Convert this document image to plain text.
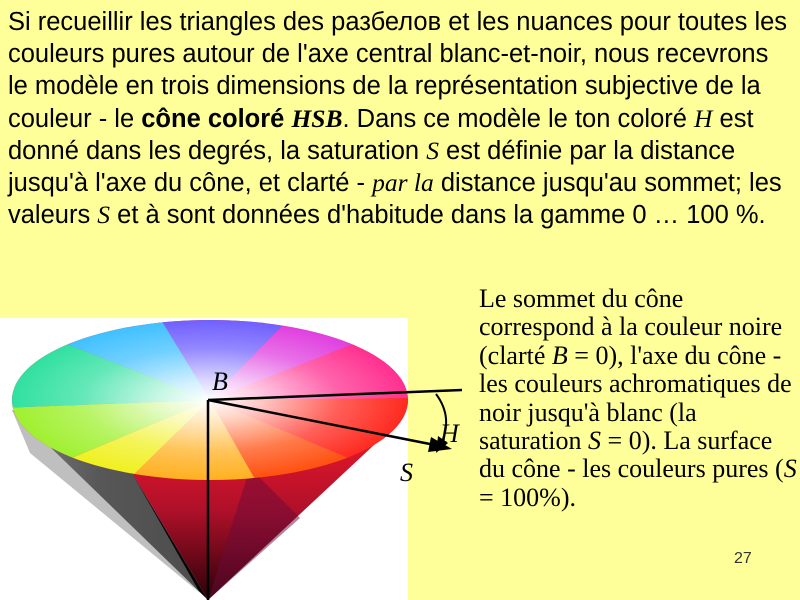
Si recueillir les triangles des разбелов et les nuances pour toutes les couleurs pures autour de l'axe central blanc-et-noir, nous recevrons le modèle en trois dimensions de la représentation subjective de la couleur - le cône coloré HSB. Dans ce modèle le ton coloré H est donné dans les degrés, la saturation S est définie par la distance jusqu'à l'axe du cône, et clarté - par la distance jusqu'au sommet; les valeurs S et à sont données d'habitude dans la gamme 0 … 100 %.
Le sommet du cône correspond à la couleur noire (clarté B = 0), l'axe du cône - les couleurs achromatiques de noir jusqu'à blanc (la saturation S = 0). La surface du cône - les couleurs pures (S = 100%).
B
H
S
27
